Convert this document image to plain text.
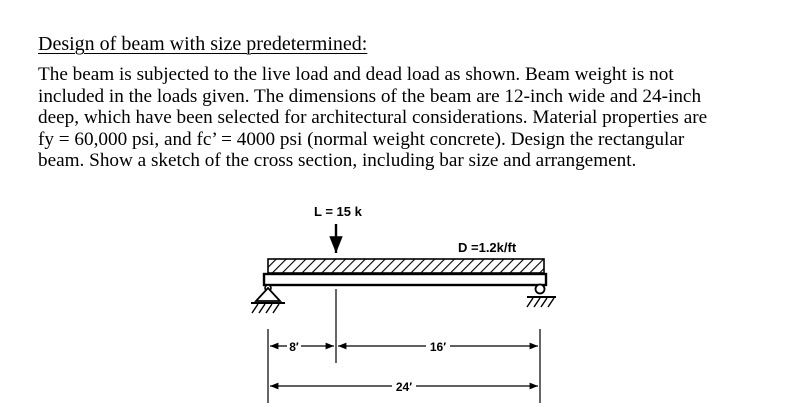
Design of beam with size predetermined:
The beam is subjected to the live load and dead load as shown. Beam weight is not
included in the loads given. The dimensions of the beam are 12-inch wide and 24-inch
deep, which have been selected for architectural considerations. Material properties are
fy = 60,000 psi, and fc’ = 4000 psi (normal weight concrete). Design the rectangular
beam. Show a sketch of the cross section, including bar size and arrangement.
L = 15 k
D =1.2k/ft
8′	16′
24′
